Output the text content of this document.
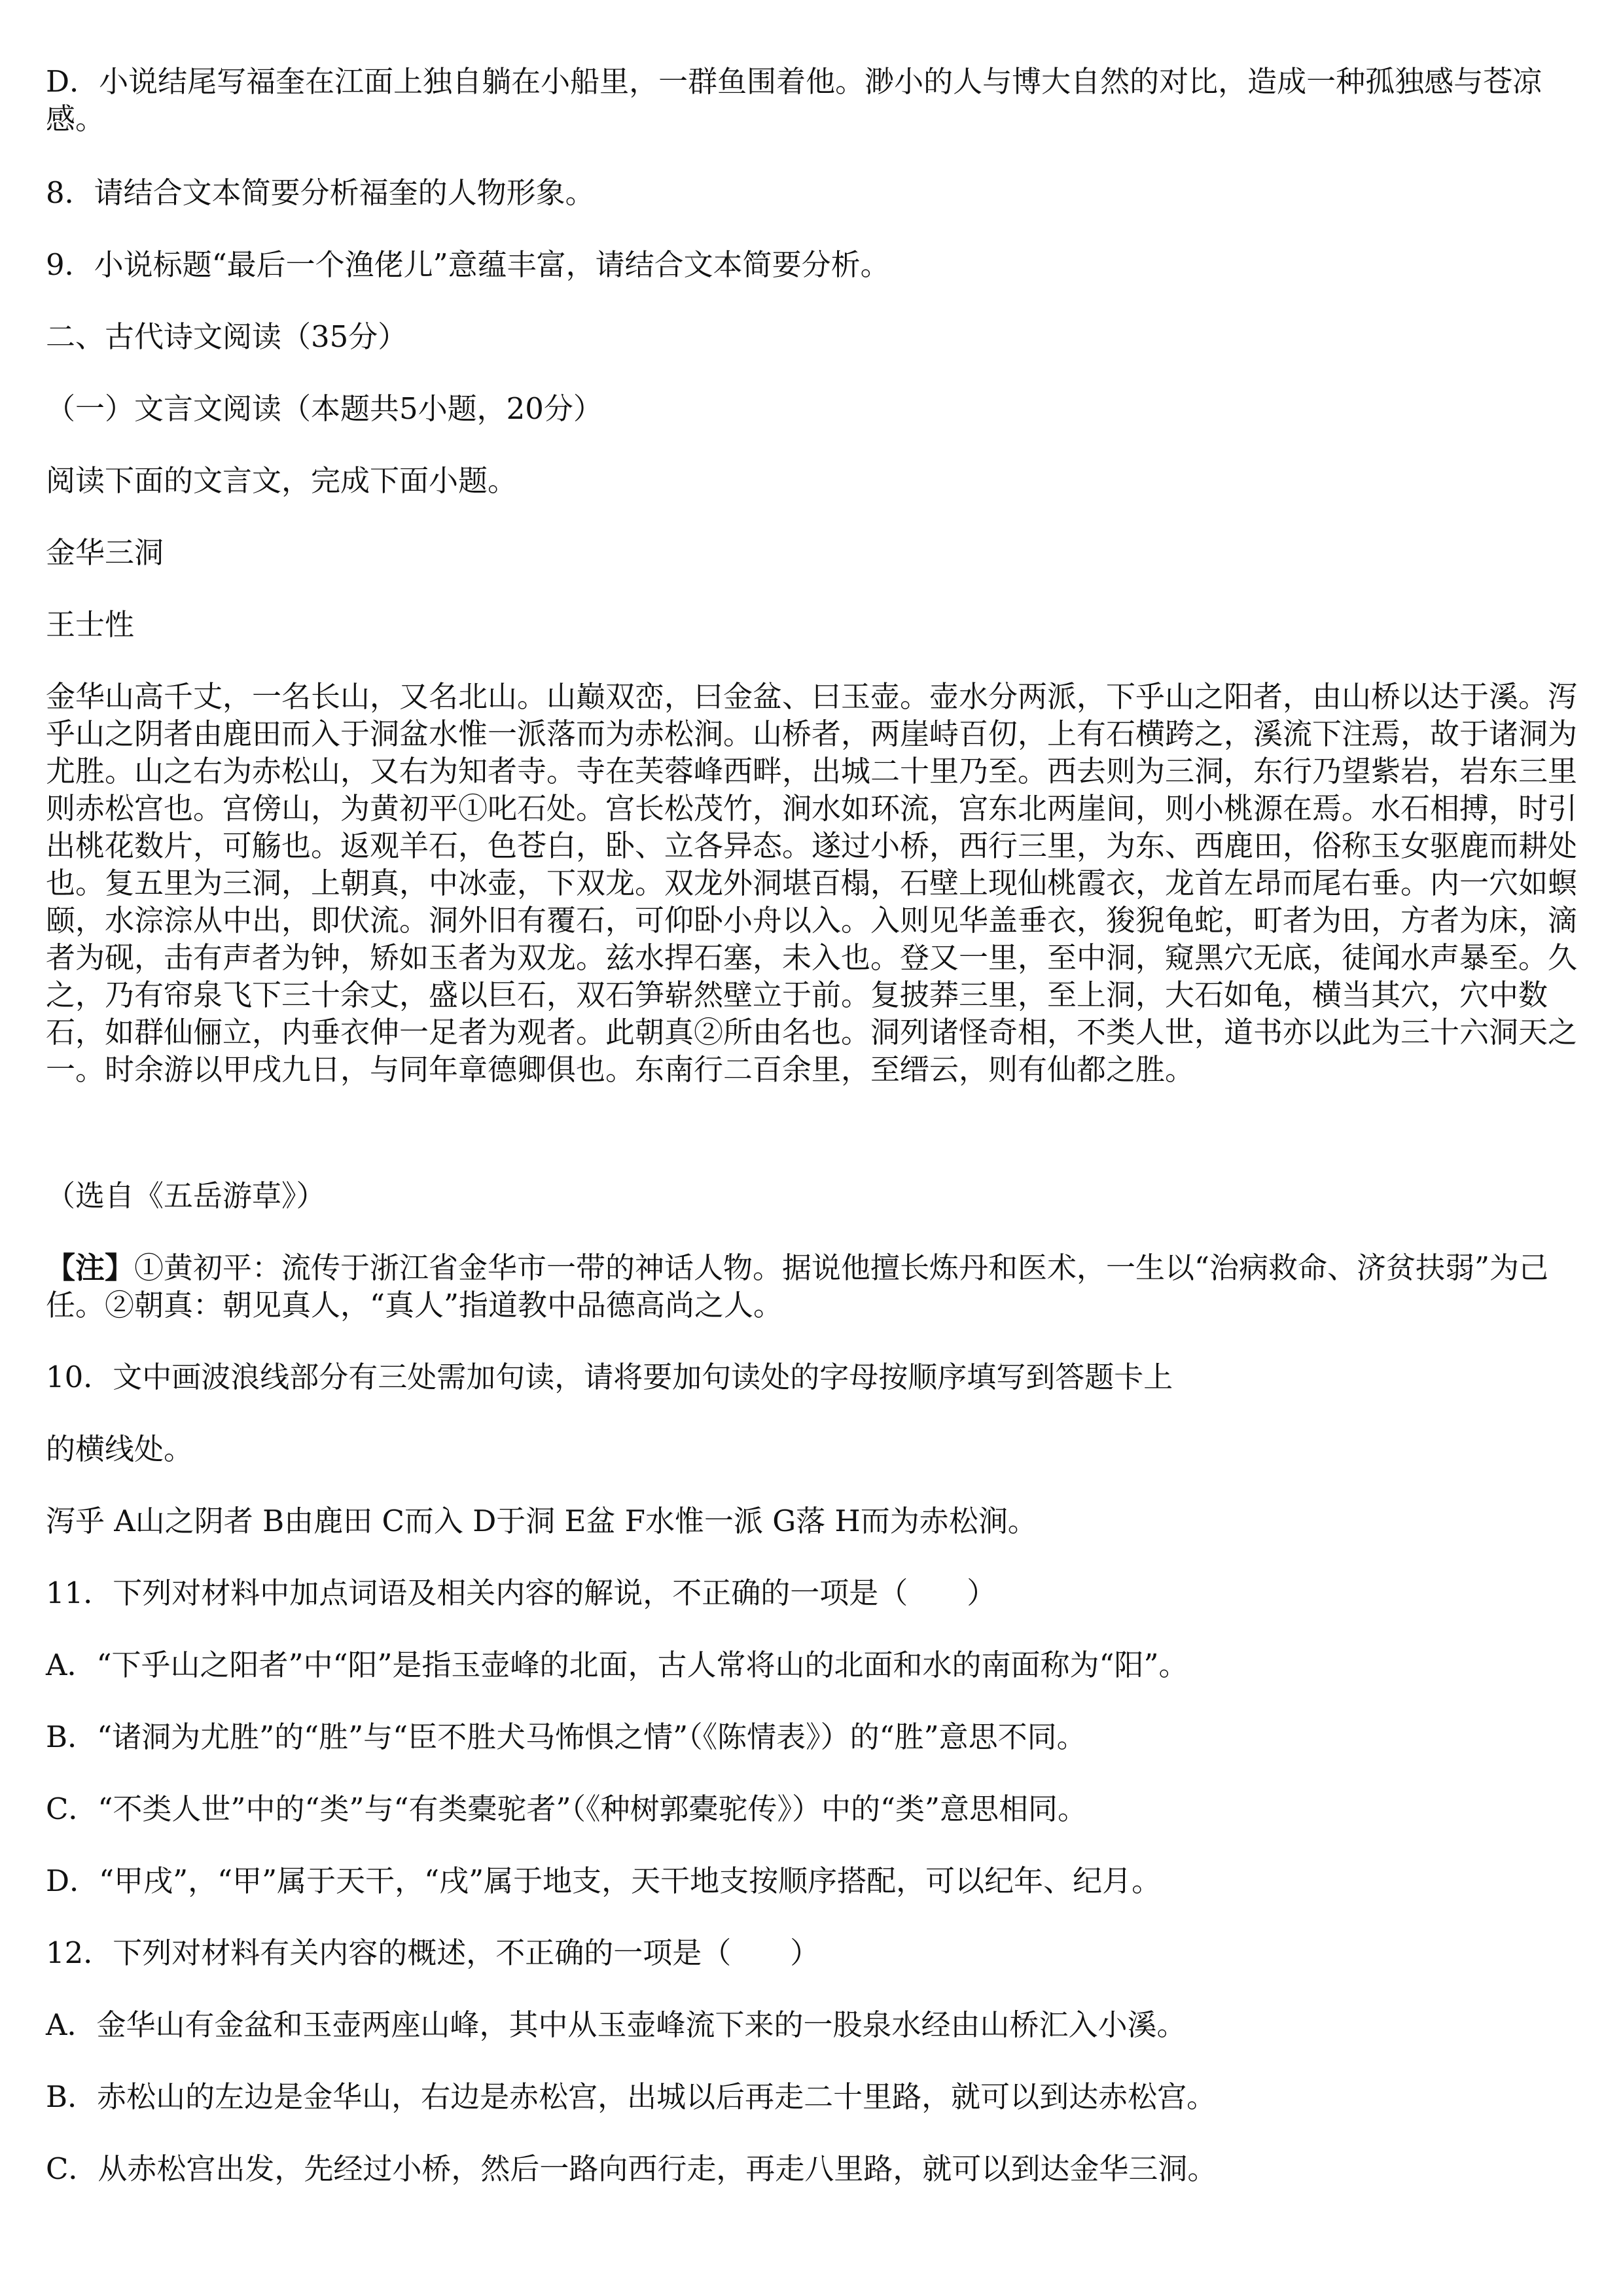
D．小说结尾写福奎在江面上独自躺在小船里，一群鱼围着他。渺小的人与博大自然的对比，造成一种孤独感与苍凉感。

8．请结合文本简要分析福奎的人物形象。

9．小说标题“最后一个渔佬儿”意蕴丰富，请结合文本简要分析。

二、古代诗文阅读（35分）

（一）文言文阅读（本题共5小题，20分）

阅读下面的文言文，完成下面小题。

金华三洞

王士性

金华山高千丈，一名长山，又名北山。山巅双峦，曰金盆、曰玉壶。壶水分两派，下乎山之阳者，由山桥以达于溪。泻乎山之阴者由鹿田而入于洞盆水惟一派落而为赤松涧。山桥者，两崖峙百仞，上有石横跨之，溪流下注焉，故于诸洞为尤胜。山之右为赤松山，又右为知者寺。寺在芙蓉峰西畔，出城二十里乃至。西去则为三洞，东行乃望紫岩，岩东三里则赤松宫也。宫傍山，为黄初平①叱石处。宫长松茂竹，涧水如环流，宫东北两崖间，则小桃源在焉。水石相搏，时引出桃花数片，可觞也。返观羊石，色苍白，卧、立各异态。遂过小桥，西行三里，为东、西鹿田，俗称玉女驱鹿而耕处也。复五里为三洞，上朝真，中冰壶，下双龙。双龙外洞堪百榻，石壁上现仙桃霞衣，龙首左昂而尾右垂。内一穴如螟颐，水淙淙从中出，即伏流。洞外旧有覆石，可仰卧小舟以入。入则见华盖垂衣，狻猊龟蛇，町者为田，方者为床，滴者为砚，击有声者为钟，矫如玉者为双龙。兹水捍石塞，未入也。登又一里，至中洞，窥黑穴无底，徒闻水声暴至。久之，乃有帘泉飞下三十余丈，盛以巨石，双石笋崭然壁立于前。复披莽三里，至上洞，大石如龟，横当其穴，穴中数石，如群仙俪立，内垂衣伸一足者为观者。此朝真②所由名也。洞列诸怪奇相，不类人世，道书亦以此为三十六洞天之一。时余游以甲戌九日，与同年章德卿俱也。东南行二百余里，至缙云，则有仙都之胜。

（选自《五岳游草》）

【注】①黄初平：流传于浙江省金华市一带的神话人物。据说他擅长炼丹和医术，一生以“治病救命、济贫扶弱”为己任。②朝真：朝见真人，“真人”指道教中品德高尚之人。

10．文中画波浪线部分有三处需加句读，请将要加句读处的字母按顺序填写到答题卡上

的横线处。

泻乎 A山之阴者 B由鹿田 C而入 D于洞 E盆 F水惟一派 G落 H而为赤松涧。

11．下列对材料中加点词语及相关内容的解说，不正确的一项是（　　）

A．“下乎山之阳者”中“阳”是指玉壶峰的北面，古人常将山的北面和水的南面称为“阳”。

B．“诸洞为尤胜”的“胜”与“臣不胜犬马怖惧之情”（《陈情表》）的“胜”意思不同。

C．“不类人世”中的“类”与“有类橐驼者”（《种树郭橐驼传》）中的“类”意思相同。

D．“甲戌”，“甲”属于天干，“戌”属于地支，天干地支按顺序搭配，可以纪年、纪月。

12．下列对材料有关内容的概述，不正确的一项是（　　）

A．金华山有金盆和玉壶两座山峰，其中从玉壶峰流下来的一股泉水经由山桥汇入小溪。

B．赤松山的左边是金华山，右边是赤松宫，出城以后再走二十里路，就可以到达赤松宫。

C．从赤松宫出发，先经过小桥，然后一路向西行走，再走八里路，就可以到达金华三洞。
